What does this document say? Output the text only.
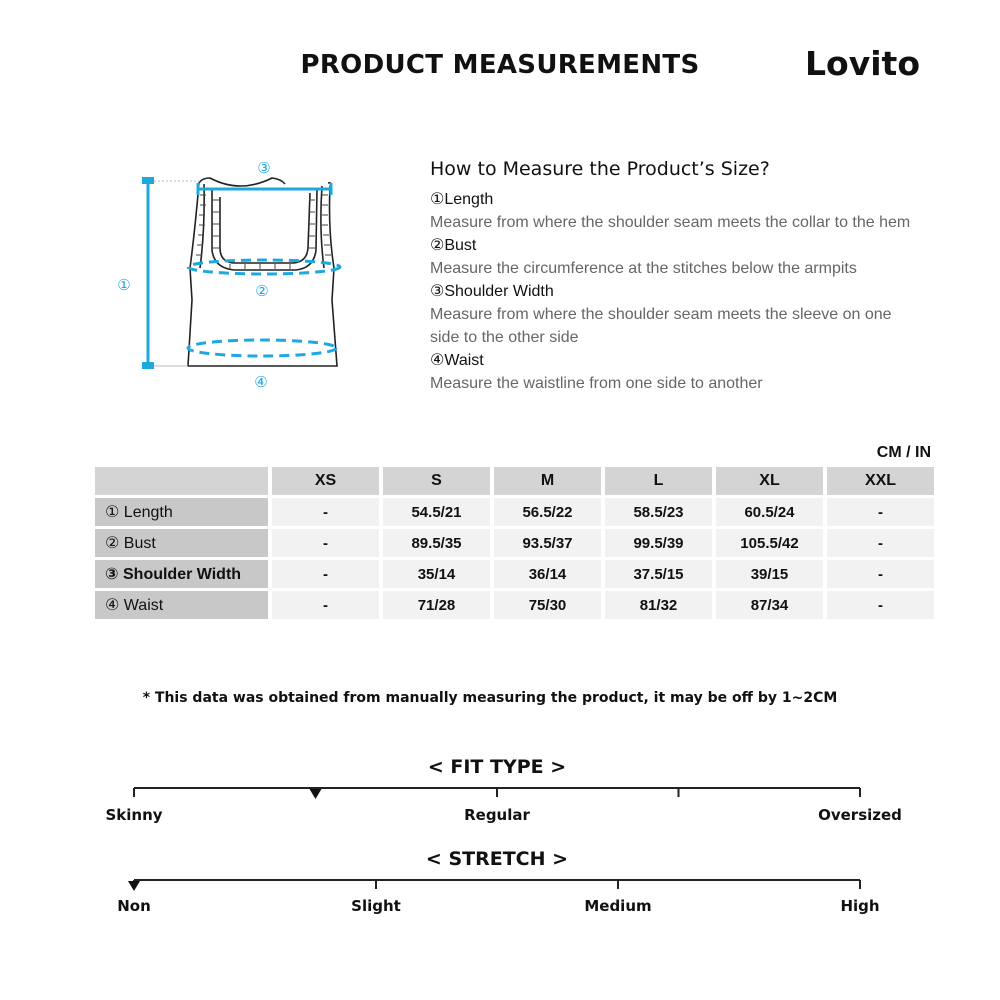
PRODUCT MEASUREMENTS	Lovito
①	②
③
④
How to Measure the Product’s Size?
①Length
Measure from where the shoulder seam meets the collar to the hem
②Bust
Measure the circumference at the stitches below the armpits
③Shoulder Width
Measure from where the shoulder seam meets the sleeve on one side to the other side
④Waist
Measure the waistline from one side to another
CM / IN
	XS	S	M	L	XL	XXL
① Length	-	54.5/21	56.5/22	58.5/23	60.5/24	-
② Bust	-	89.5/35	93.5/37	99.5/39	105.5/42	-
③ Shoulder Width	-	35/14	36/14	37.5/15	39/15	-
④ Waist	-	71/28	75/30	81/32	87/34	-
* This data was obtained from manually measuring the product, it may be off by 1~2CM
< FIT TYPE >
Skinny	Regular	Oversized
< STRETCH >
Non	Slight	Medium	High
